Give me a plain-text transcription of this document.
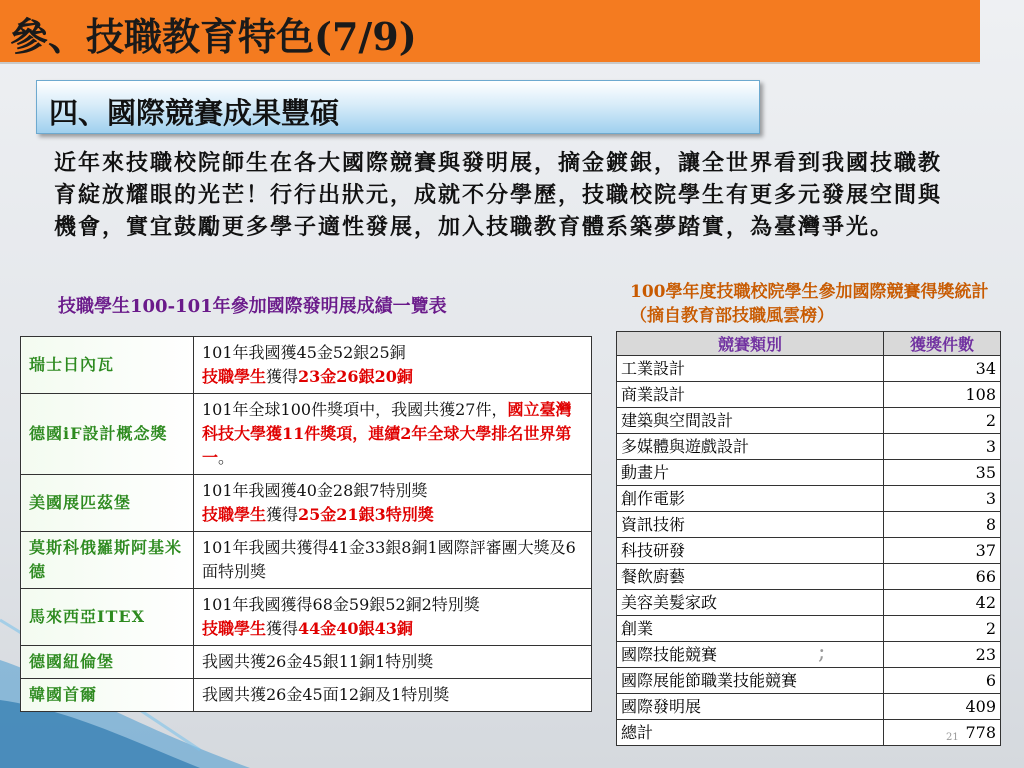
參、技職教育特色(7/9)
四、國際競賽成果豐碩
近年來技職校院師生在各大國際競賽與發明展，摘金鍍銀，讓全世界看到我國技職教育綻放耀眼的光芒！行行出狀元，成就不分學歷，技職校院學生有更多元發展空間與機會，實宜鼓勵更多學子適性發展，加入技職教育體系築夢踏實，為臺灣爭光。
技職學生100-101年參加國際發明展成績一覽表
100學年度技職校院學生參加國際競賽得獎統計（摘自教育部技職風雲榜）
瑞士日內瓦	101年我國獲45金52銀25銅
技職學生獲得23金26銀20銅
德國iF設計概念獎	101年全球100件獎項中，我國共獲27件，國立臺灣科技大學獲11件獎項，連續2年全球大學排名世界第一。
美國展匹茲堡	101年我國獲40金28銀7特別獎
技職學生獲得25金21銀3特別獎
莫斯科俄羅斯阿基米德	101年我國共獲得41金33銀8銅1國際評審團大獎及6面特別獎
馬來西亞ITEX	101年我國獲得68金59銀52銅2特別獎
技職學生獲得44金40銀43銅
德國紐倫堡	我國共獲26金45銀11銅1特別獎
韓國首爾	我國共獲26金45面12銅及1特別獎
競賽類別	獲獎件數
工業設計	34
商業設計	108
建築與空間設計	2
多媒體與遊戲設計	3
動畫片	35
創作電影	3
資訊技術	8
科技研發	37
餐飲廚藝	66
美容美髮家政	42
創業	2
國際技能競賽	23
國際展能節職業技能競賽	6
國際發明展	409
總計	778
;
21
